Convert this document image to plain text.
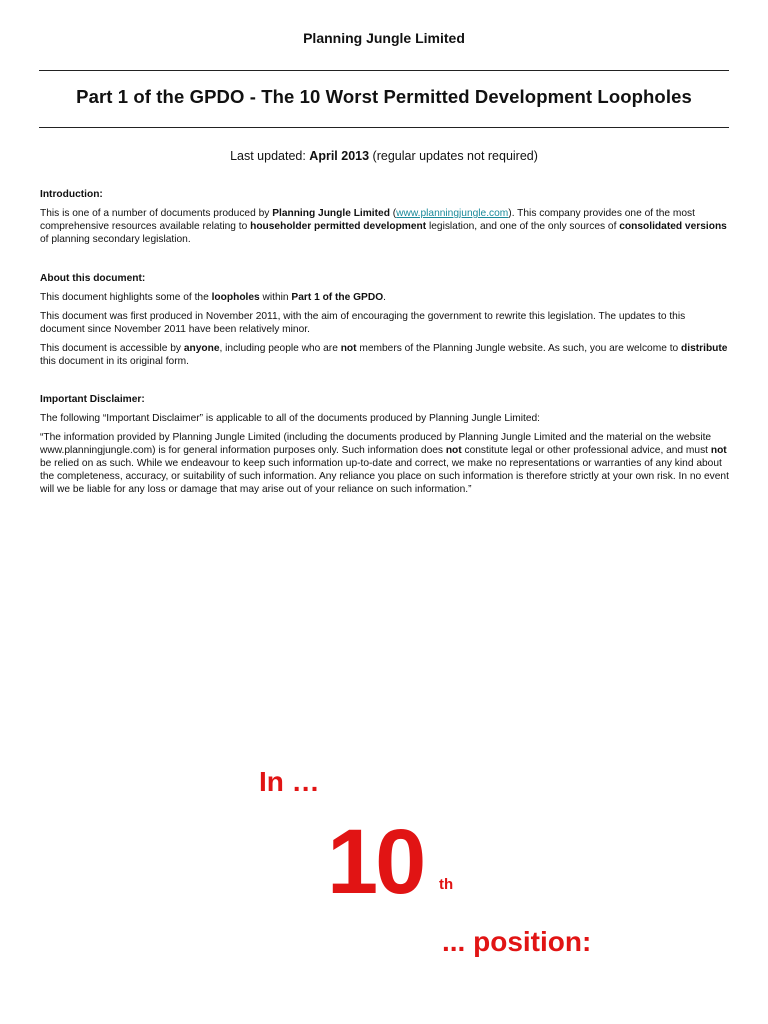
Planning Jungle Limited
Part 1 of the GPDO - The 10 Worst Permitted Development Loopholes
Last updated: April 2013 (regular updates not required)

Introduction:

This is one of a number of documents produced by Planning Jungle Limited (www.planningjungle.com). This company provides one of the most comprehensive resources available relating to householder permitted development legislation, and one of the only sources of consolidated versions of planning secondary legislation.

About this document:

This document highlights some of the loopholes within Part 1 of the GPDO.

This document was first produced in November 2011, with the aim of encouraging the government to rewrite this legislation. The updates to this document since November 2011 have been relatively minor.

This document is accessible by anyone, including people who are not members of the Planning Jungle website. As such, you are welcome to distribute this document in its original form.

Important Disclaimer:

The following “Important Disclaimer” is applicable to all of the documents produced by Planning Jungle Limited:

“The information provided by Planning Jungle Limited (including the documents produced by Planning Jungle Limited and the material on the website www.planningjungle.com) is for general information purposes only. Such information does not constitute legal or other professional advice, and must not be relied on as such. While we endeavour to keep such information up-to-date and correct, we make no representations or warranties of any kind about the completeness, accuracy, or suitability of such information. Any reliance you place on such information is therefore strictly at your own risk. In no event will we be liable for any loss or damage that may arise out of your reliance on such information.”

In …
10 th
... position:
